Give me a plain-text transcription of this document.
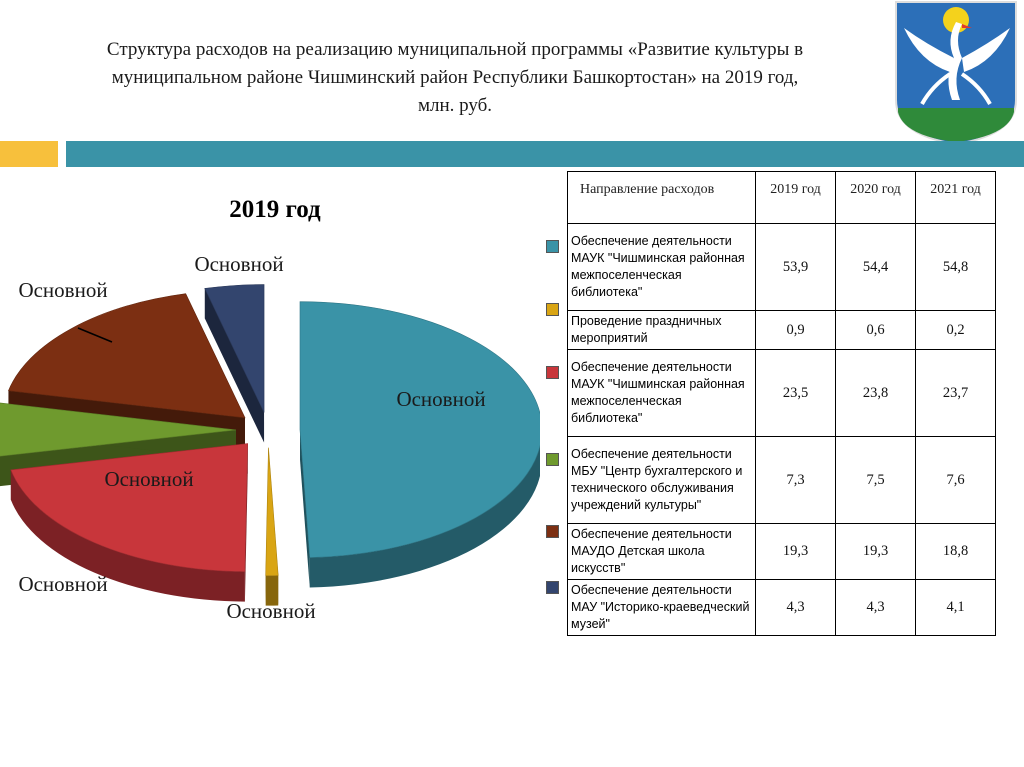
Структура расходов на реализацию муниципальной программы «Развитие культуры в
муниципальном районе Чишминский район Республики Башкортостан» на 2019 год,
млн. руб.
2019 год
Основной
Основной
Основной
Основной
Основной
Основной
Направление расходов	2019 год	2020 год	2021 год
Обеспечение деятельности МАУК "Чишминская районная межпоселенческая библиотека"	53,9	54,4	54,8
Проведение праздничных мероприятий	0,9	0,6	0,2
Обеспечение деятельности МАУК "Чишминская районная межпоселенческая библиотека"	23,5	23,8	23,7
Обеспечение деятельности МБУ "Центр бухгалтерского и технического обслуживания учреждений культуры"	7,3	7,5	7,6
Обеспечение деятельности МАУДО Детская школа искусств"	19,3	19,3	18,8
Обеспечение деятельности МАУ "Историко-краеведческий музей"	4,3	4,3	4,1
